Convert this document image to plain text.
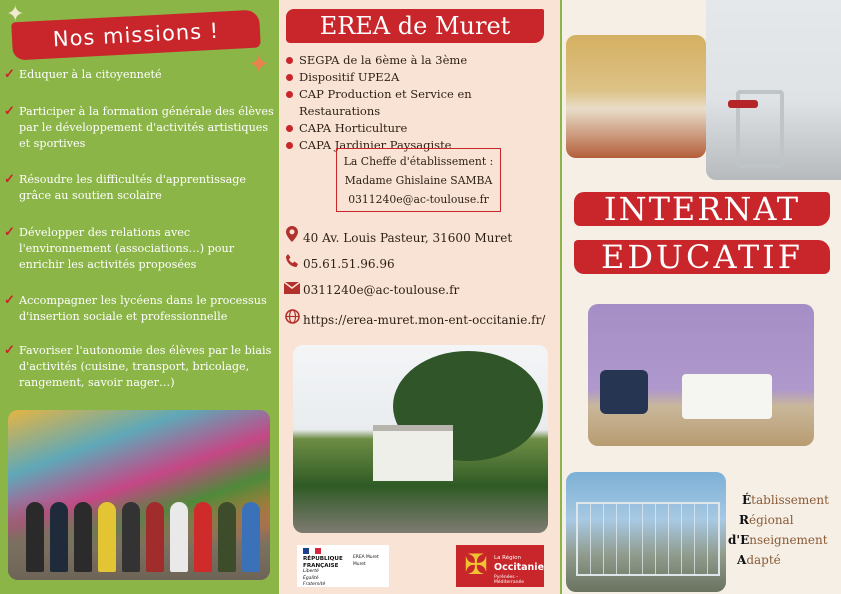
✦
Nos missions !
✦
✓ Eduquer à la citoyenneté
✓ Participer à la formation générale des élèves par le développement d'activités artistiques et sportives
✓ Résoudre les difficultés d'apprentissage grâce au soutien scolaire
✓ Développer des relations avec l'environnement (associations…) pour enrichir les activités proposées
✓ Accompagner les lycéens dans le processus d'insertion sociale et professionnelle
✓ Favoriser l'autonomie des élèves par le biais d'activités (cuisine, transport, bricolage, rangement, savoir nager…)
EREA de Muret
SEGPA de la 6ème à la 3ème
Dispositif UPE2A
CAP Production et Service en Restaurations
CAPA Horticulture
CAPA Jardinier Paysagiste
La Cheffe d'établissement :
Madame Ghislaine SAMBA
0311240e@ac-toulouse.fr
40 Av. Louis Pasteur, 31600 Muret
05.61.51.96.96
0311240e@ac-toulouse.fr
https://erea-muret.mon-ent-occitanie.fr/
RÉPUBLIQUE
FRANÇAISE
Liberté
Égalité
Fraternité
EREA Muret
Muret	✠	La Région
Occitanie
Pyrénées – Méditerranée
INTERNAT
EDUCATIF
Établissement
Régional
d'Enseignement
Adapté
